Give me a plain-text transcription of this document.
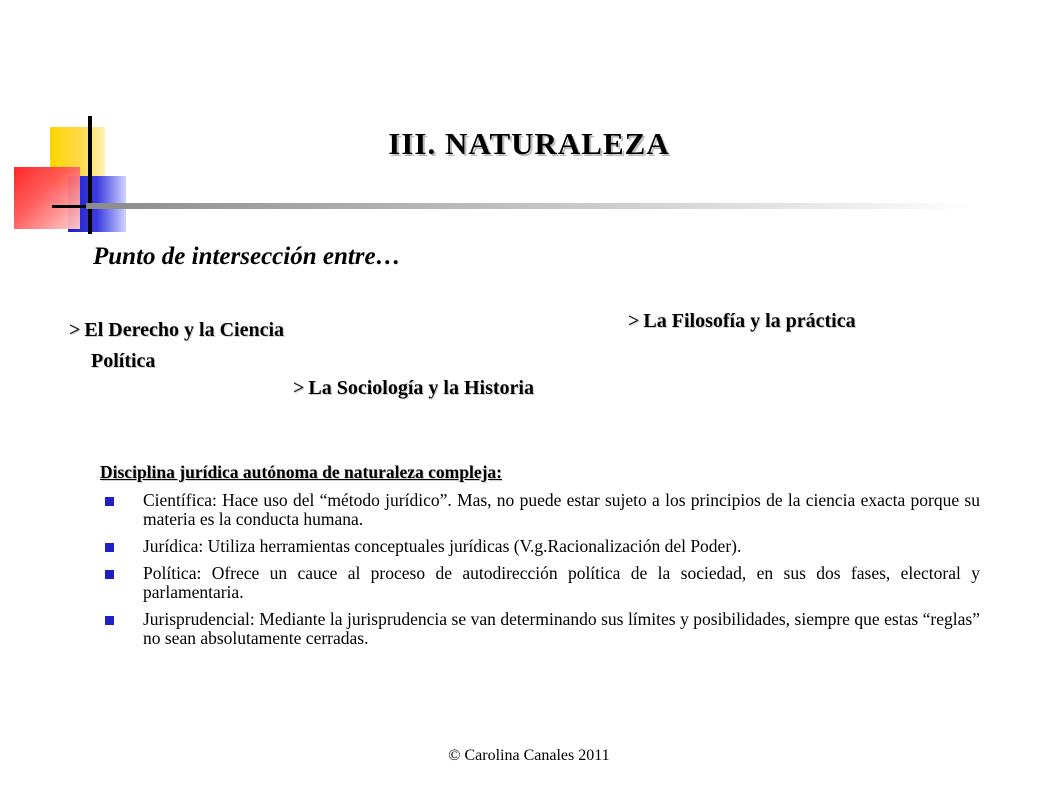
III. NATURALEZA
Punto de intersección entre…
> El Derecho y la Ciencia
Política
> La Filosofía y la práctica
> La Sociología y la Historia
Disciplina jurídica autónoma de naturaleza compleja:
Científica: Hace uso del “método jurídico”. Mas, no puede estar sujeto a los principios de la ciencia exacta porque su materia es la conducta humana.
Jurídica: Utiliza herramientas conceptuales jurídicas (V.g.Racionalización del Poder).
Política: Ofrece un cauce al proceso de autodirección política de la sociedad, en sus dos fases, electoral y parlamentaria.
Jurisprudencial: Mediante la jurisprudencia se van determinando sus límites y posibilidades, siempre que estas “reglas” no sean absolutamente cerradas.
© Carolina Canales 2011
